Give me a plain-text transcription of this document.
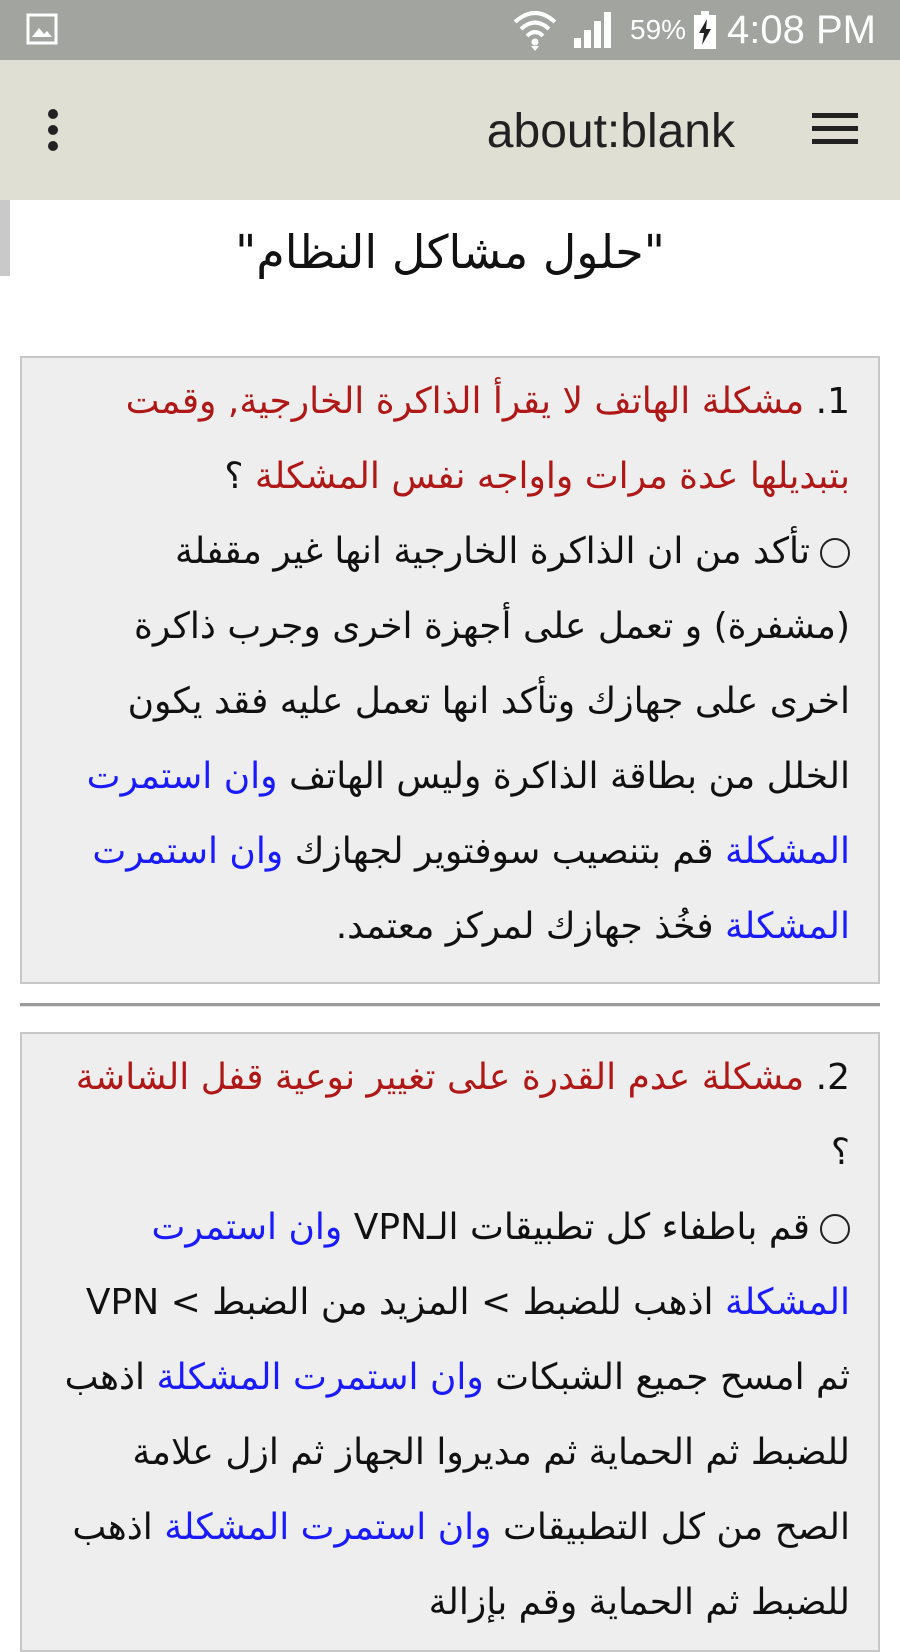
59% 4:08 PM
about:blank
"حلول مشاكل النظام"
1. مشكلة الهاتف لا يقرأ الذاكرة الخارجية, وقمت بتبديلها عدة مرات واواجه نفس المشكلة ؟
تأكد من ان الذاكرة الخارجية انها غير مقفلة (مشفرة) و تعمل على أجهزة اخرى وجرب ذاكرة اخرى على جهازك وتأكد انها تعمل عليه فقد يكون الخلل من بطاقة الذاكرة وليس الهاتف وان استمرت المشكلة قم بتنصيب سوفتوير لجهازك وان استمرت المشكلة فخُذ جهازك لمركز معتمد.
2. مشكلة عدم القدرة على تغيير نوعية قفل الشاشة
؟
قم باطفاء كل تطبيقات الـVPN وان استمرت المشكلة اذهب للضبط > المزيد من الضبط > VPN ثم امسح جميع الشبكات وان استمرت المشكلة اذهب للضبط ثم الحماية ثم مديروا الجهاز ثم ازل علامة الصح من كل التطبيقات وان استمرت المشكلة اذهب للضبط ثم الحماية وقم بإزالة
